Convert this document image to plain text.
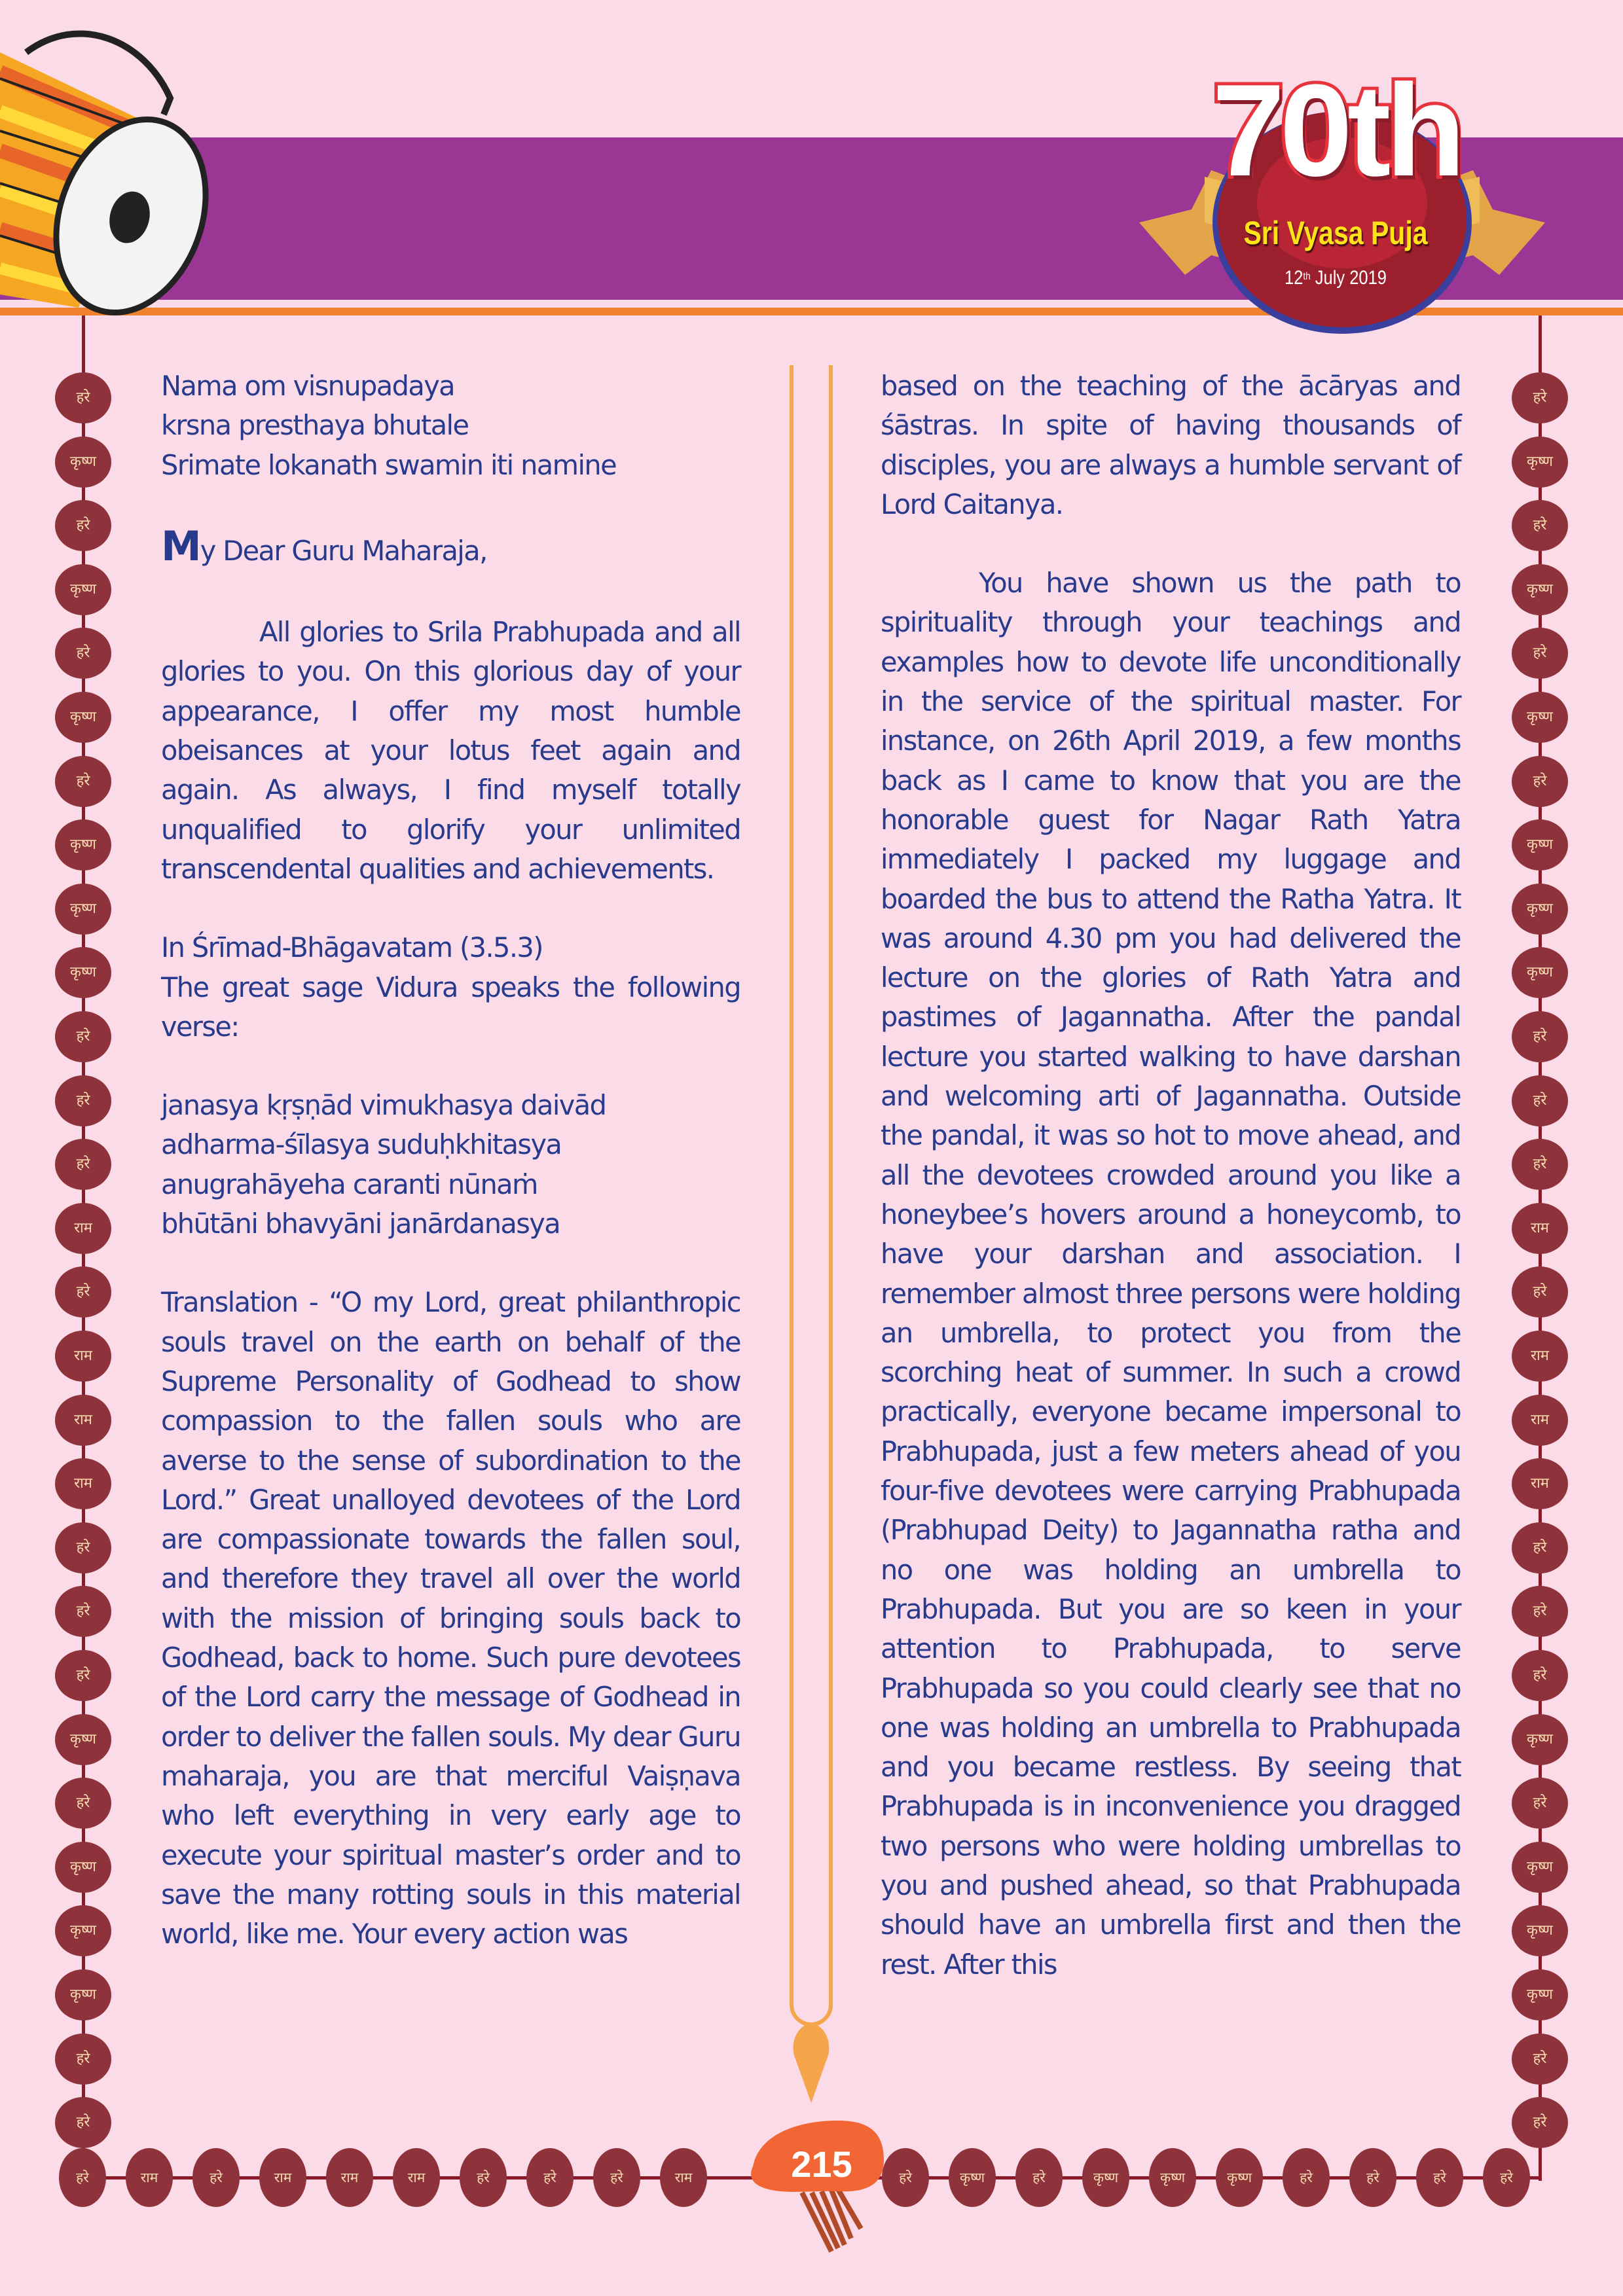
70th
Sri Vyasa Puja
12th July 2019
हरे
कृष्ण
हरे
कृष्ण
हरे
कृष्ण
हरे
कृष्ण
कृष्ण
कृष्ण
हरे
हरे
हरे
राम
हरे
राम
राम
राम
हरे
हरे
हरे
कृष्ण
हरे
कृष्ण
कृष्ण
कृष्ण
हरे
हरे
हरे
कृष्ण
हरे
कृष्ण
हरे
कृष्ण
हरे
कृष्ण
कृष्ण
कृष्ण
हरे
हरे
हरे
राम
हरे
राम
राम
राम
हरे
हरे
हरे
कृष्ण
हरे
कृष्ण
कृष्ण
कृष्ण
हरे
हरे
हरे	राम	हरे	राम	राम	राम	हरे	हरे	हरे	राम	हरे	कृष्ण	हरे	कृष्ण	कृष्ण	कृष्ण	हरे	हरे	हरे	हरे

Nama om visnupadaya

krsna presthaya bhutale

Srimate lokanath swamin iti namine

My Dear Guru Maharaja,

All glories to Srila Prabhupada and all glories to you. On this glorious day of your appearance, I offer my most humble obeisances at your lotus feet again and again. As always, I find myself totally unqualified to glorify your unlimited transcendental qualities and achievements.

In Śrīmad-Bhāgavatam (3.5.3)

The great sage Vidura speaks the following verse:

janasya kṛṣṇād vimukhasya daivād

adharma-śīlasya suduḥkhitasya

anugrahāyeha caranti nūnaṁ

bhūtāni bhavyāni janārdanasya

Translation - “O my Lord, great philanthropic souls travel on the earth on behalf of the Supreme Personality of Godhead to show compassion to the fallen souls who are averse to the sense of subordination to the Lord.” Great unalloyed devotees of the Lord are compassionate towards the fallen soul, and therefore they travel all over the world with the mission of bringing souls back to Godhead, back to home. Such pure devotees of the Lord carry the message of Godhead in order to deliver the fallen souls. My dear Guru maharaja, you are that merciful Vaiṣṇava who left everything in very early age to execute your spiritual master’s order and to save the many rotting souls in this material world, like me. Your every action was

based on the teaching of the ācāryas and śāstras. In spite of having thousands of disciples, you are always a humble servant of Lord Caitanya.

You have shown us the path to spirituality through your teachings and examples how to devote life unconditionally in the service of the spiritual master. For instance, on 26th April 2019, a few months back as I came to know that you are the honorable guest for Nagar Rath Yatra immediately I packed my luggage and boarded the bus to attend the Ratha Yatra. It was around 4.30 pm you had delivered the lecture on the glories of Rath Yatra and pastimes of Jagannatha. After the pandal lecture you started walking to have darshan and welcoming arti of Jagannatha. Outside the pandal, it was so hot to move ahead, and all the devotees crowded around you like a honeybee’s hovers around a honeycomb, to have your darshan and association. I remember almost three persons were holding an umbrella, to protect you from the scorching heat of summer. In such a crowd practically, everyone became impersonal to Prabhupada, just a few meters ahead of you four-five devotees were carrying Prabhupada (Prabhupad Deity) to Jagannatha ratha and no one was holding an umbrella to Prabhupada. But you are so keen in your attention to Prabhupada, to serve Prabhupada so you could clearly see that no one was holding an umbrella to Prabhupada and you became restless. By seeing that Prabhupada is in inconvenience you dragged two persons who were holding umbrellas to you and pushed ahead, so that Prabhupada should have an umbrella first and then the rest. After this

215
